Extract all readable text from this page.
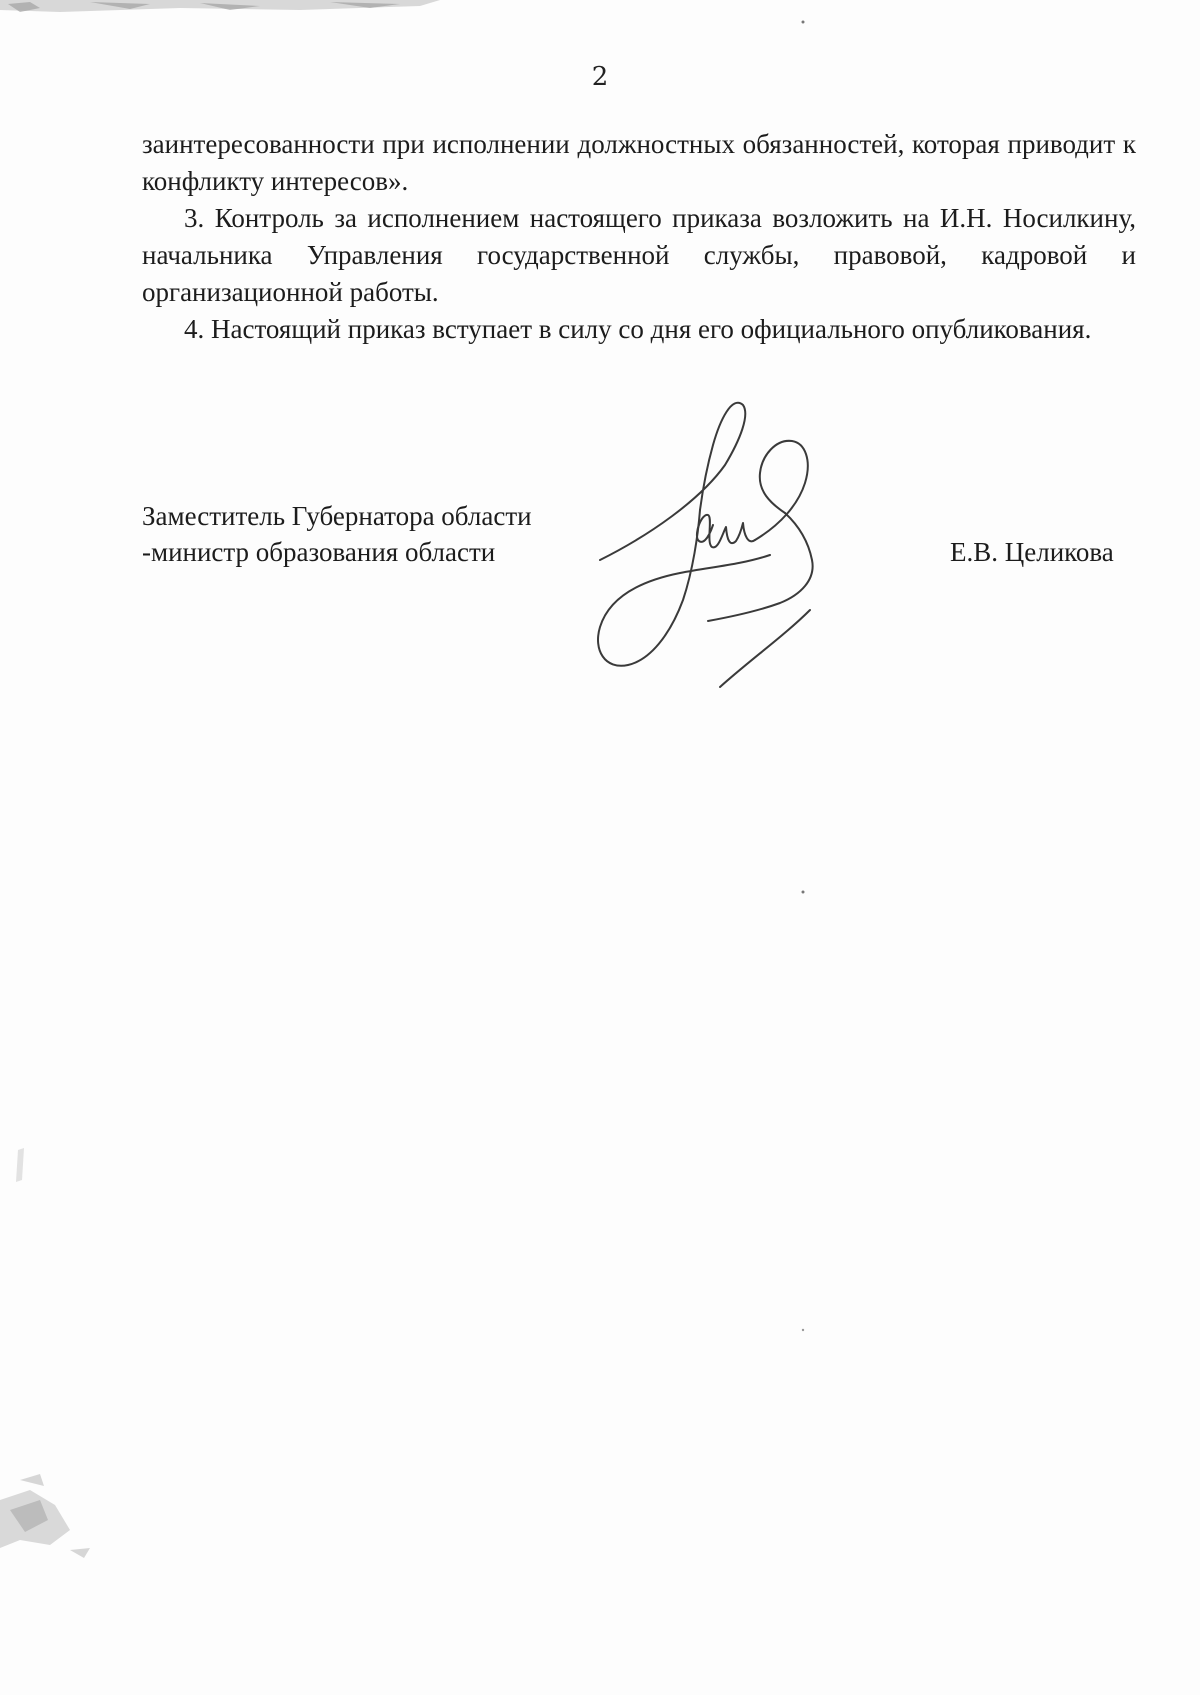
2

заинтересованности при исполнении должностных обязанностей, которая приводит к конфликту интересов».

3. Контроль за исполнением настоящего приказа возложить на И.Н. Носилкину, начальника Управления государственной службы, правовой, кадровой и организационной работы.

4. Настоящий приказ вступает в силу со дня его официального опубликования.

Заместитель Губернатора области
-министр образования области	Е.В. Целикова
